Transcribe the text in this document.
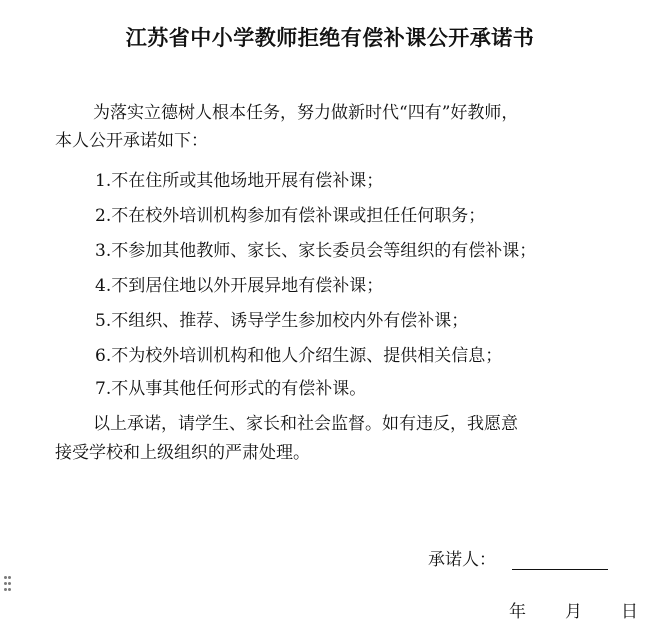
江苏省中小学教师拒绝有偿补课公开承诺书
为落实立德树人根本任务，努力做新时代“四有”好教师，
本人公开承诺如下：
1.不在住所或其他场地开展有偿补课；
2.不在校外培训机构参加有偿补课或担任任何职务；
3.不参加其他教师、家长、家长委员会等组织的有偿补课；
4.不到居住地以外开展异地有偿补课；
5.不组织、推荐、诱导学生参加校内外有偿补课；
6.不为校外培训机构和他人介绍生源、提供相关信息；
7.不从事其他任何形式的有偿补课。
以上承诺，请学生、家长和社会监督。如有违反，我愿意
接受学校和上级组织的严肃处理。
承诺人：
年 月 日
